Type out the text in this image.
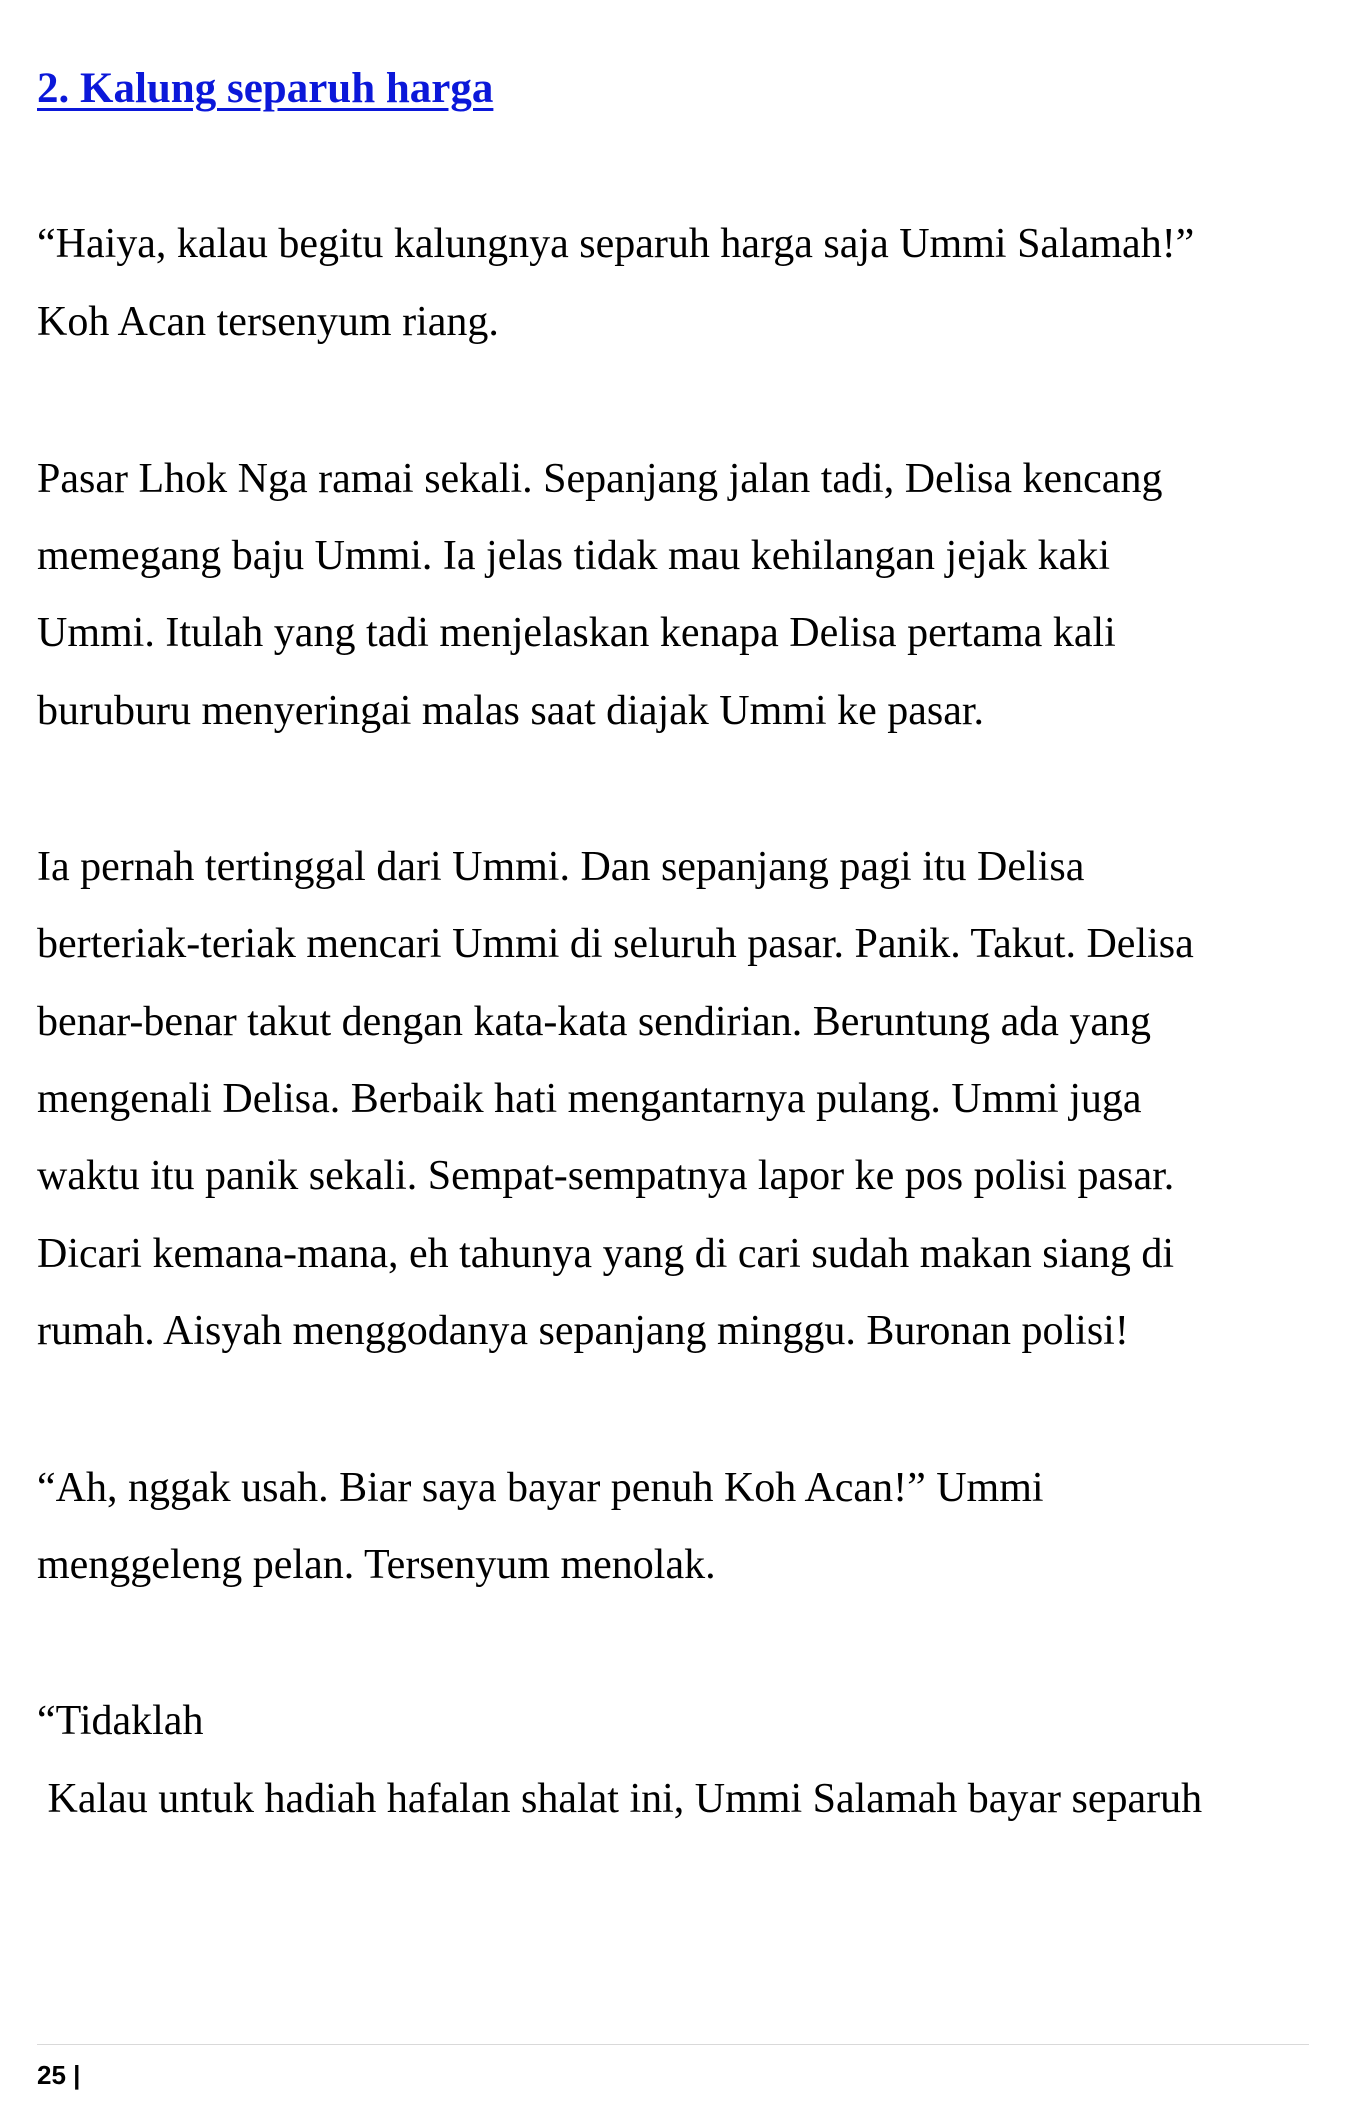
2. Kalung separuh harga

“Haiya, kalau begitu kalungnya separuh harga saja Ummi Salamah!”

Koh Acan tersenyum riang.

Pasar Lhok Nga ramai sekali. Sepanjang jalan tadi, Delisa kencang

memegang baju Ummi. Ia jelas tidak mau kehilangan jejak kaki

Ummi. Itulah yang tadi menjelaskan kenapa Delisa pertama kali

buruburu menyeringai malas saat diajak Ummi ke pasar.

Ia pernah tertinggal dari Ummi. Dan sepanjang pagi itu Delisa

berteriak-teriak mencari Ummi di seluruh pasar. Panik. Takut. Delisa

benar-benar takut dengan kata-kata sendirian. Beruntung ada yang

mengenali Delisa. Berbaik hati mengantarnya pulang. Ummi juga

waktu itu panik sekali. Sempat-sempatnya lapor ke pos polisi pasar.

Dicari kemana-mana, eh tahunya yang di cari sudah makan siang di

rumah. Aisyah menggodanya sepanjang minggu. Buronan polisi!

“Ah, nggak usah. Biar saya bayar penuh Koh Acan!” Ummi

menggeleng pelan. Tersenyum menolak.

“Tidaklah

Kalau untuk hadiah hafalan shalat ini, Ummi Salamah bayar separuh

25 |
